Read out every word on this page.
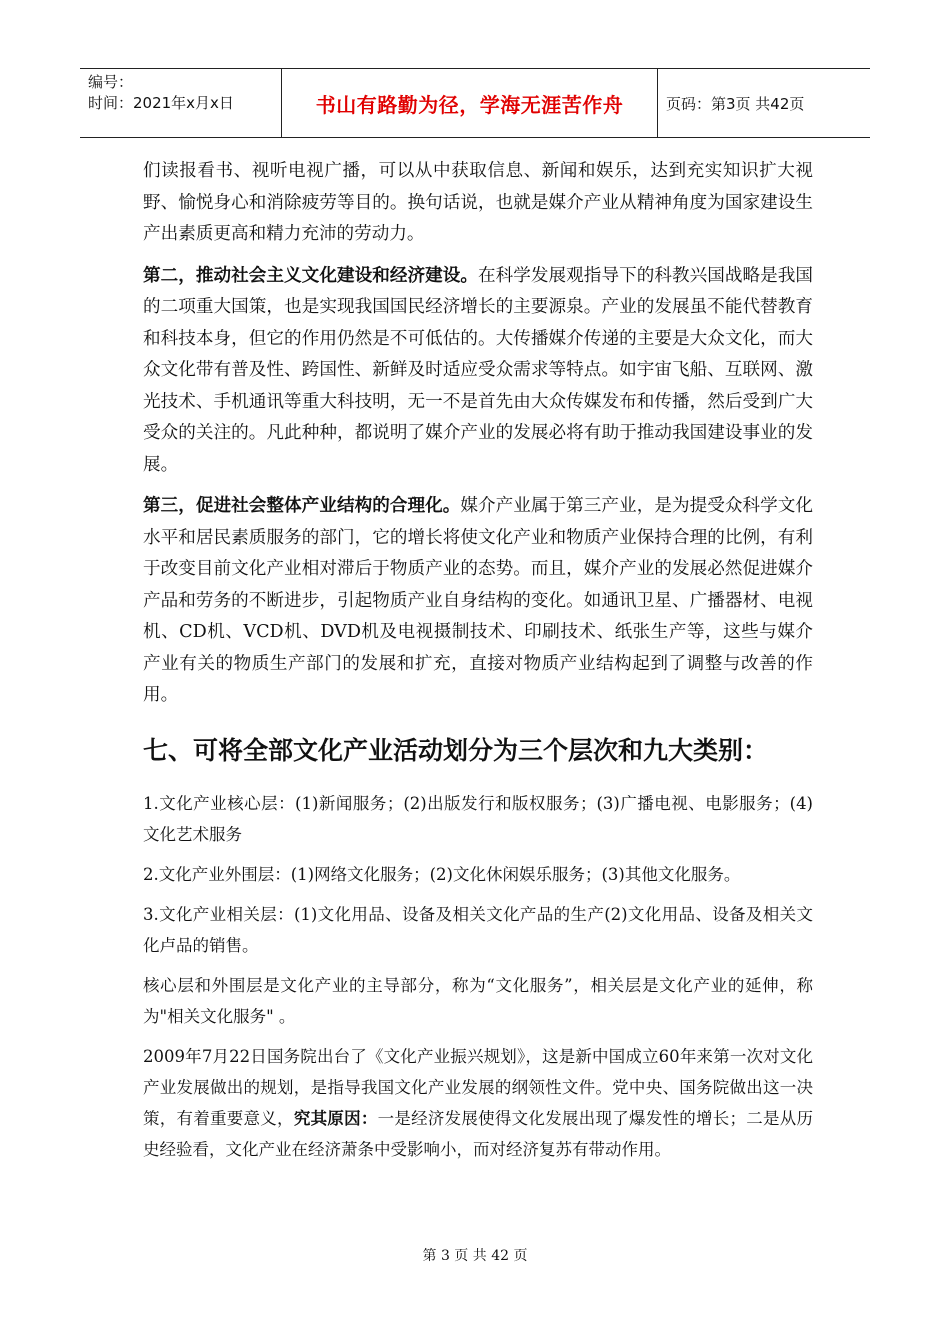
编号：
时间：2021年x月x日	书山有路勤为径，学海无涯苦作舟	页码：第3页 共42页

们读报看书、视听电视广播，可以从中获取信息、新闻和娱乐，达到充实知识扩大视野、愉悦身心和消除疲劳等目的。换句话说，也就是媒介产业从精神角度为国家建设生产出素质更高和精力充沛的劳动力。

第二，推动社会主义文化建设和经济建设。在科学发展观指导下的科教兴国战略是我国的二项重大国策，也是实现我国国民经济增长的主要源泉。产业的发展虽不能代替教育和科技本身，但它的作用仍然是不可低估的。大传播媒介传递的主要是大众文化，而大众文化带有普及性、跨国性、新鲜及时适应受众需求等特点。如宇宙飞船、互联网、激光技术、手机通讯等重大科技明，无一不是首先由大众传媒发布和传播，然后受到广大受众的关注的。凡此种种，都说明了媒介产业的发展必将有助于推动我国建设事业的发展。

第三，促进社会整体产业结构的合理化。媒介产业属于第三产业，是为提受众科学文化水平和居民素质服务的部门，它的增长将使文化产业和物质产业保持合理的比例，有利于改变目前文化产业相对滞后于物质产业的态势。而且，媒介产业的发展必然促进媒介产品和劳务的不断进步，引起物质产业自身结构的变化。如通讯卫星、广播器材、电视机、CD机、VCD机、DVD机及电视摄制技术、印刷技术、纸张生产等，这些与媒介产业有关的物质生产部门的发展和扩充，直接对物质产业结构起到了调整与改善的作用。

七、可将全部文化产业活动划分为三个层次和九大类别：

1.文化产业核心层：(1)新闻服务；(2)出版发行和版权服务；(3)广播电视、电影服务；(4)文化艺术服务

2.文化产业外围层：(1)网络文化服务；(2)文化休闲娱乐服务；(3)其他文化服务。

3.文化产业相关层：(1)文化用品、设备及相关文化产品的生产(2)文化用品、设备及相关文化卢品的销售。

核心层和外围层是文化产业的主导部分，称为“文化服务”，相关层是文化产业的延伸，称为"相关文化服务" 。

2009年7月22日国务院出台了《文化产业振兴规划》，这是新中国成立60年来第一次对文化产业发展做出的规划，是指导我国文化产业发展的纲领性文件。党中央、国务院做出这一决策，有着重要意义，究其原因：一是经济发展使得文化发展出现了爆发性的增长；二是从历史经验看，文化产业在经济萧条中受影响小，而对经济复苏有带动作用。

第 3 页 共 42 页
